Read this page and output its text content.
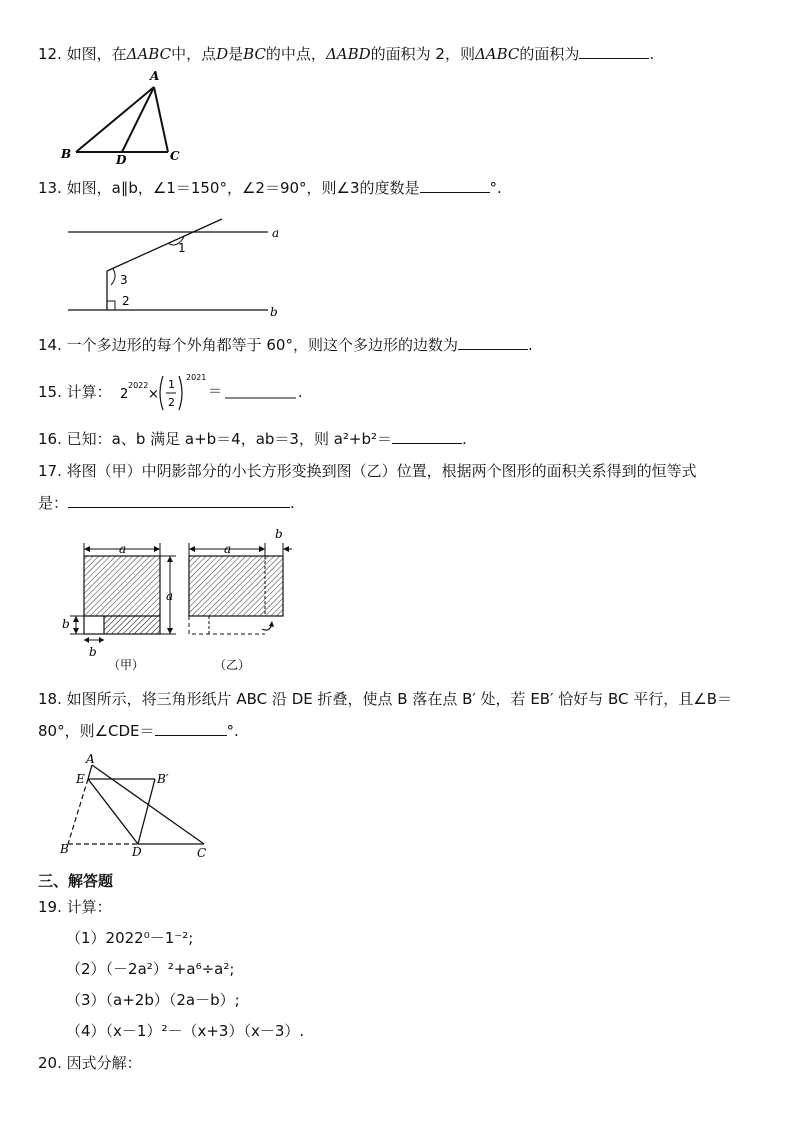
12. 如图，在ΔABC中，点D是BC的中点，ΔABD的面积为 2，则ΔABC的面积为	.
A
B	D	C
13. 如图，a∥b，∠1＝150°，∠2＝90°，则∠3的度数是	°.
a
b
1
3
2
14. 一个多边形的每个外角都等于 60°，则这个多边形的边数为	.
15. 计算： 2
2022
×
1
2
2021
＝	.
16. 已知：a、b 满足 a+b＝4，ab＝3，则 a²+b²＝	.
17. 将图（甲）中阴影部分的小长方形变换到图（乙）位置，根据两个图形的面积关系得到的恒等式
是：	.
a
a
b
b
（甲）
a
b
（乙）
18. 如图所示，将三角形纸片 ABC 沿 DE 折叠，使点 B 落在点 B′ 处，若 EB′ 恰好与 BC 平行，且∠B＝
80°，则∠CDE＝	°.
A
E	B′
B	D	C
三、解答题
19. 计算：
（1）2022⁰－1⁻²;
（2）（－2a²）²+a⁶÷a²;
（3）（a+2b）（2a－b）;
（4）（x－1）²－（x+3）（x－3）.
20. 因式分解：
